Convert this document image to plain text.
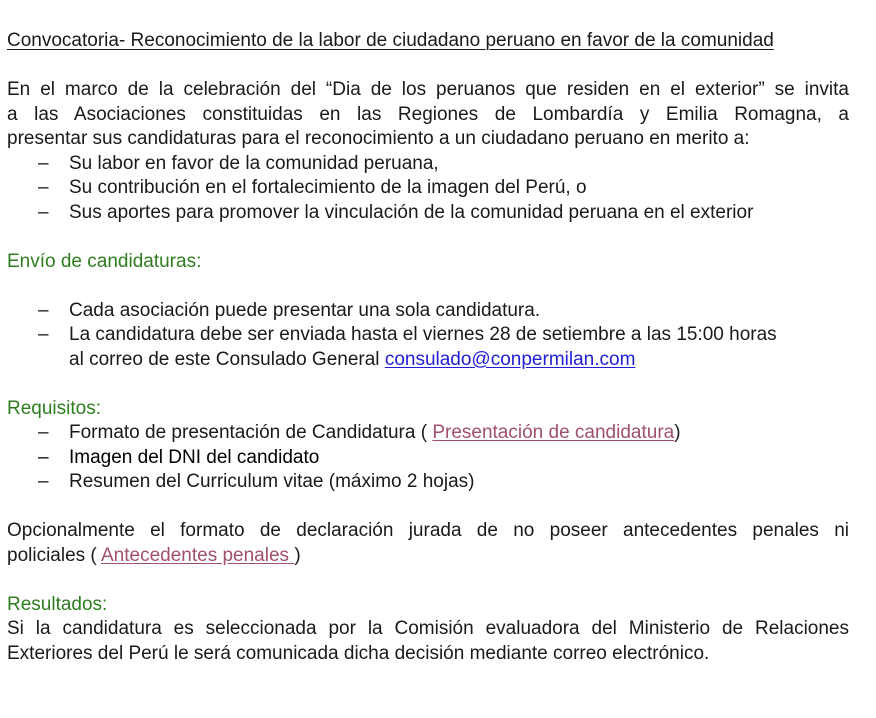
Convocatoria- Reconocimiento de la labor de ciudadano peruano en favor de la comunidad
En el marco de la celebración del “Dia de los peruanos que residen en el exterior” se invita
a las Asociaciones constituidas en las Regiones de Lombardía y Emilia Romagna, a
presentar sus candidaturas para el reconocimiento a un ciudadano peruano en merito a:
– Su labor en favor de la comunidad peruana,
– Su contribución en el fortalecimiento de la imagen del Perú, o
– Sus aportes para promover la vinculación de la comunidad peruana en el exterior
Envío de candidaturas:
– Cada asociación puede presentar una sola candidatura.
– La candidatura debe ser enviada hasta el viernes 28 de setiembre a las 15:00 horas
al correo de este Consulado General consulado@conpermilan.com
Requisitos:
– Formato de presentación de Candidatura ( Presentación de candidatura)
– Imagen del DNI del candidato
– Resumen del Curriculum vitae (máximo 2 hojas)
Opcionalmente el formato de declaración jurada de no poseer antecedentes penales ni
policiales ( Antecedentes penales )
Resultados:
Si la candidatura es seleccionada por la Comisión evaluadora del Ministerio de Relaciones
Exteriores del Perú le será comunicada dicha decisión mediante correo electrónico.
